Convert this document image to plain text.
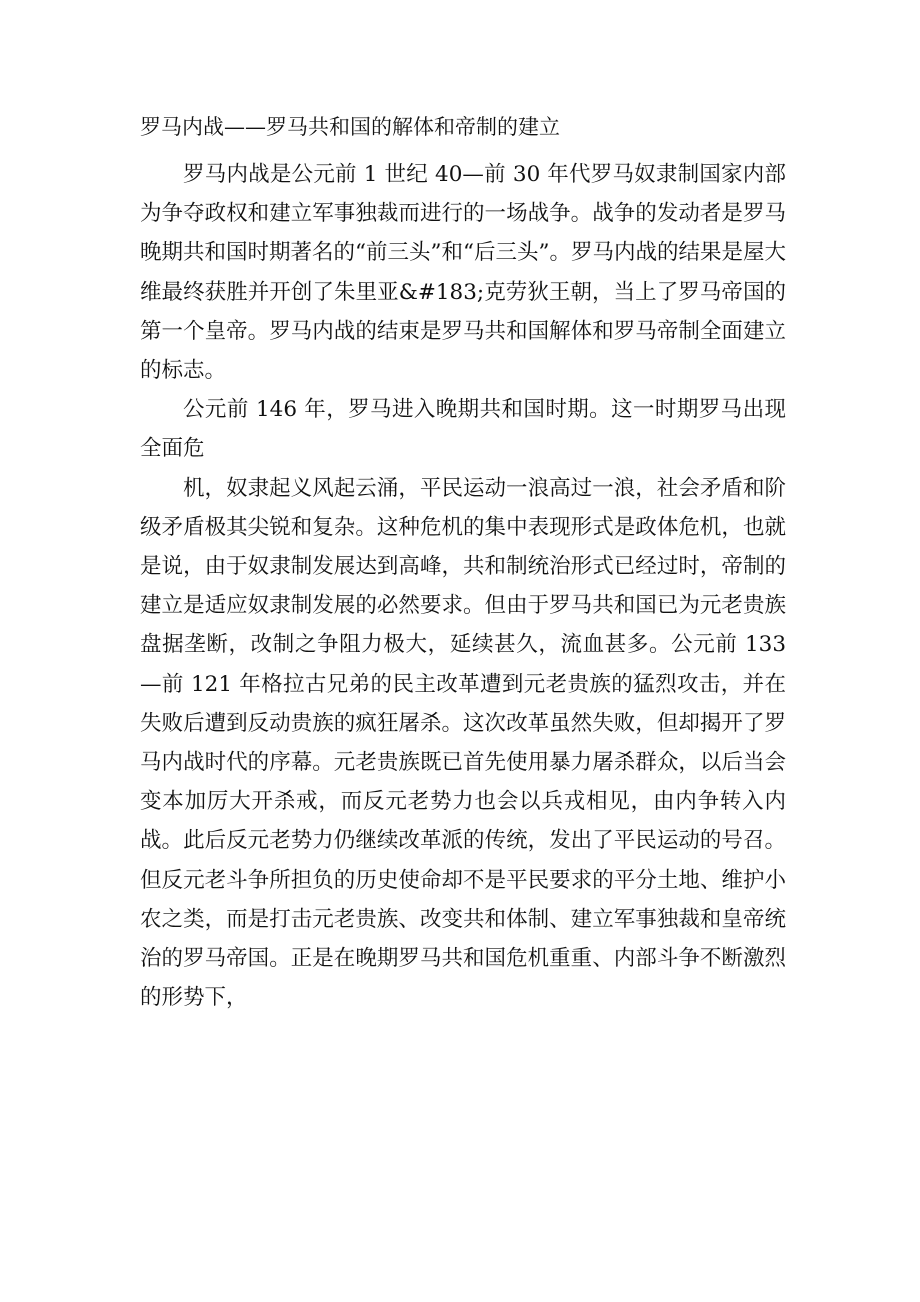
罗马内战——罗马共和国的解体和帝制的建立

罗马内战是公元前 1 世纪 40—前 30 年代罗马奴隶制国家内部为争夺政权和建立军事独裁而进行的一场战争。战争的发动者是罗马晚期共和国时期著名的“前三头”和“后三头”。罗马内战的结果是屋大维最终获胜并开创了朱里亚&#183;克劳狄王朝，当上了罗马帝国的第一个皇帝。罗马内战的结束是罗马共和国解体和罗马帝制全面建立的标志。

公元前 146 年，罗马进入晚期共和国时期。这一时期罗马出现全面危

机，奴隶起义风起云涌，平民运动一浪高过一浪，社会矛盾和阶级矛盾极其尖锐和复杂。这种危机的集中表现形式是政体危机，也就是说，由于奴隶制发展达到高峰，共和制统治形式已经过时，帝制的建立是适应奴隶制发展的必然要求。但由于罗马共和国已为元老贵族盘据垄断，改制之争阻力极大，延续甚久，流血甚多。公元前 133—前 121 年格拉古兄弟的民主改革遭到元老贵族的猛烈攻击，并在失败后遭到反动贵族的疯狂屠杀。这次改革虽然失败，但却揭开了罗马内战时代的序幕。元老贵族既已首先使用暴力屠杀群众，以后当会变本加厉大开杀戒，而反元老势力也会以兵戎相见，由内争转入内战。此后反元老势力仍继续改革派的传统，发出了平民运动的号召。但反元老斗争所担负的历史使命却不是平民要求的平分土地、维护小农之类，而是打击元老贵族、改变共和体制、建立军事独裁和皇帝统治的罗马帝国。正是在晚期罗马共和国危机重重、内部斗争不断激烈的形势下，
